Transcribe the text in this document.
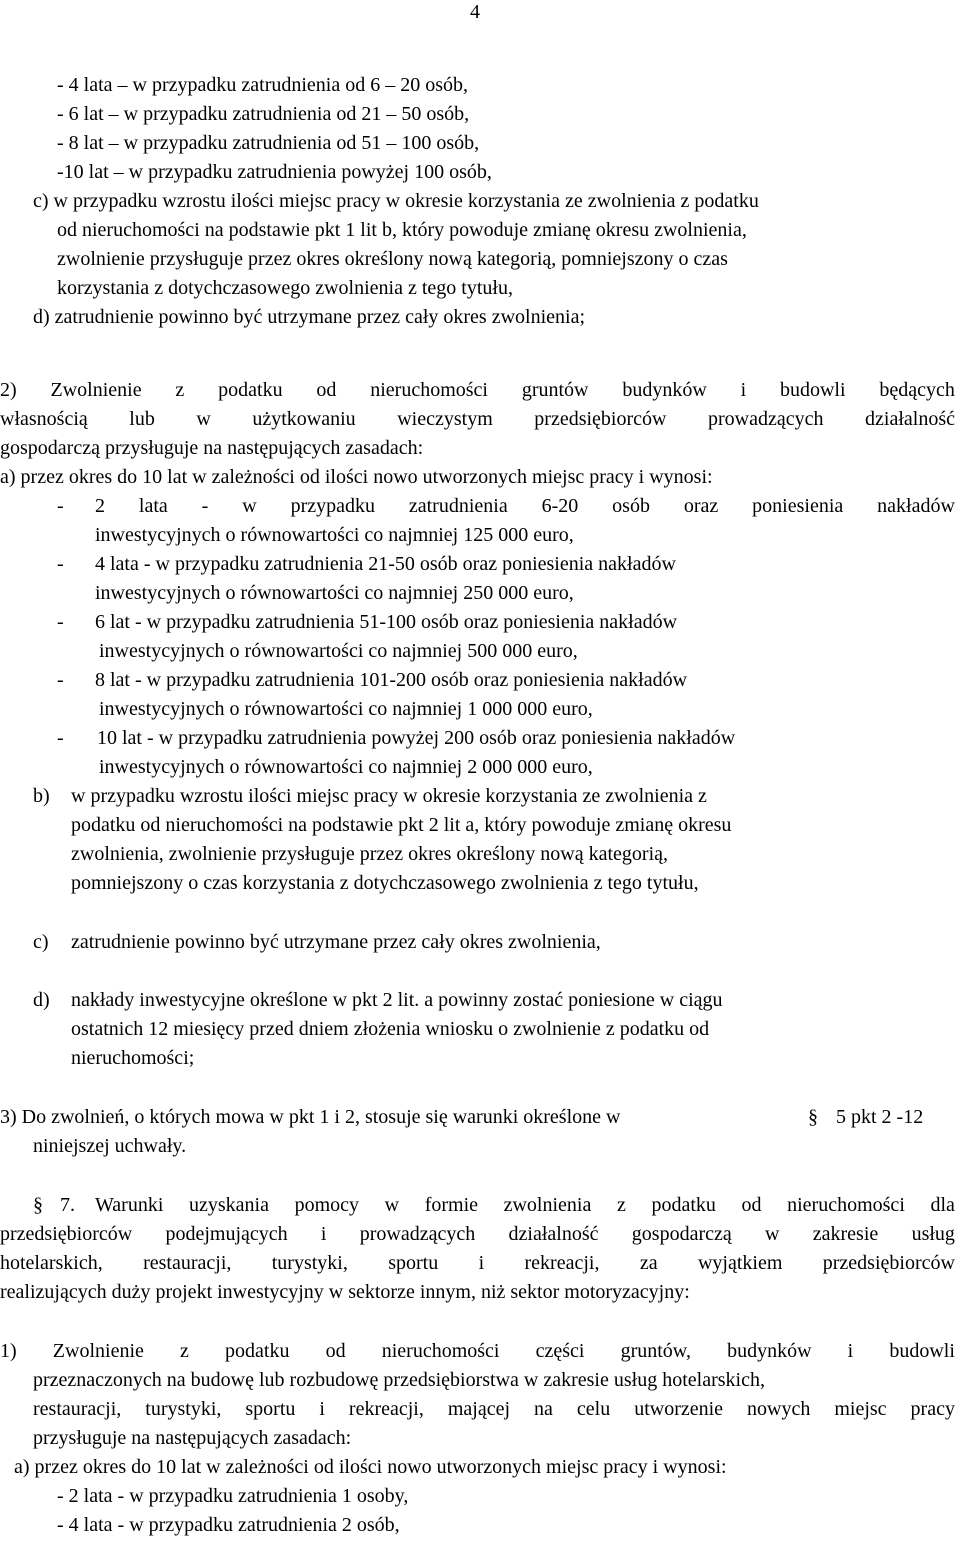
4
- 4 lata – w przypadku zatrudnienia od 6 – 20 osób,
- 6 lat – w przypadku zatrudnienia od 21 – 50 osób,
- 8 lat – w przypadku zatrudnienia od 51 – 100 osób,
-10 lat – w przypadku zatrudnienia powyżej 100 osób,
c) w przypadku wzrostu ilości miejsc pracy w okresie korzystania ze zwolnienia z podatku
od nieruchomości na podstawie pkt 1 lit b, który powoduje zmianę okresu zwolnienia,
zwolnienie przysługuje przez okres określony nową kategorią, pomniejszony o czas
korzystania z dotychczasowego zwolnienia z tego tytułu,
d) zatrudnienie powinno być utrzymane przez cały okres zwolnienia;
2) Zwolnienie z podatku od nieruchomości gruntów budynków i budowli będących
własnością lub w użytkowaniu wieczystym przedsiębiorców prowadzących działalność
gospodarczą przysługuje na następujących zasadach:
a) przez okres do 10 lat w zależności od ilości nowo utworzonych miejsc pracy i wynosi:
- 2 lata - w przypadku zatrudnienia 6-20 osób oraz poniesienia nakładów
inwestycyjnych o równowartości co najmniej 125 000 euro,
- 4 lata - w przypadku zatrudnienia 21-50 osób oraz poniesienia nakładów
inwestycyjnych o równowartości co najmniej 250 000 euro,
- 6 lat - w przypadku zatrudnienia 51-100 osób oraz poniesienia nakładów
inwestycyjnych o równowartości co najmniej 500 000 euro,
- 8 lat - w przypadku zatrudnienia 101-200 osób oraz poniesienia nakładów
inwestycyjnych o równowartości co najmniej 1 000 000 euro,
- 10 lat - w przypadku zatrudnienia powyżej 200 osób oraz poniesienia nakładów
inwestycyjnych o równowartości co najmniej 2 000 000 euro,
b) w przypadku wzrostu ilości miejsc pracy w okresie korzystania ze zwolnienia z
podatku od nieruchomości na podstawie pkt 2 lit a, który powoduje zmianę okresu
zwolnienia, zwolnienie przysługuje przez okres określony nową kategorią,
pomniejszony o czas korzystania z dotychczasowego zwolnienia z tego tytułu,
c) zatrudnienie powinno być utrzymane przez cały okres zwolnienia,
d) nakłady inwestycyjne określone w pkt 2 lit. a powinny zostać poniesione w ciągu
ostatnich 12 miesięcy przed dniem złożenia wniosku o zwolnienie z podatku od
nieruchomości;
3) Do zwolnień, o których mowa w pkt 1 i 2, stosuje się warunki określone w	§ 5 pkt 2 -12
niniejszej uchwały.
§ 7. Warunki uzyskania pomocy w formie zwolnienia z podatku od nieruchomości dla
przedsiębiorców podejmujących i prowadzących działalność gospodarczą w zakresie usług
hotelarskich, restauracji, turystyki, sportu i rekreacji, za wyjątkiem przedsiębiorców
realizujących duży projekt inwestycyjny w sektorze innym, niż sektor motoryzacyjny:
1) Zwolnienie z podatku od nieruchomości części gruntów, budynków i budowli
przeznaczonych na budowę lub rozbudowę przedsiębiorstwa w zakresie usług hotelarskich,
restauracji, turystyki, sportu i rekreacji, mającej na celu utworzenie nowych miejsc pracy
przysługuje na następujących zasadach:
a) przez okres do 10 lat w zależności od ilości nowo utworzonych miejsc pracy i wynosi:
- 2 lata - w przypadku zatrudnienia 1 osoby,
- 4 lata - w przypadku zatrudnienia 2 osób,
